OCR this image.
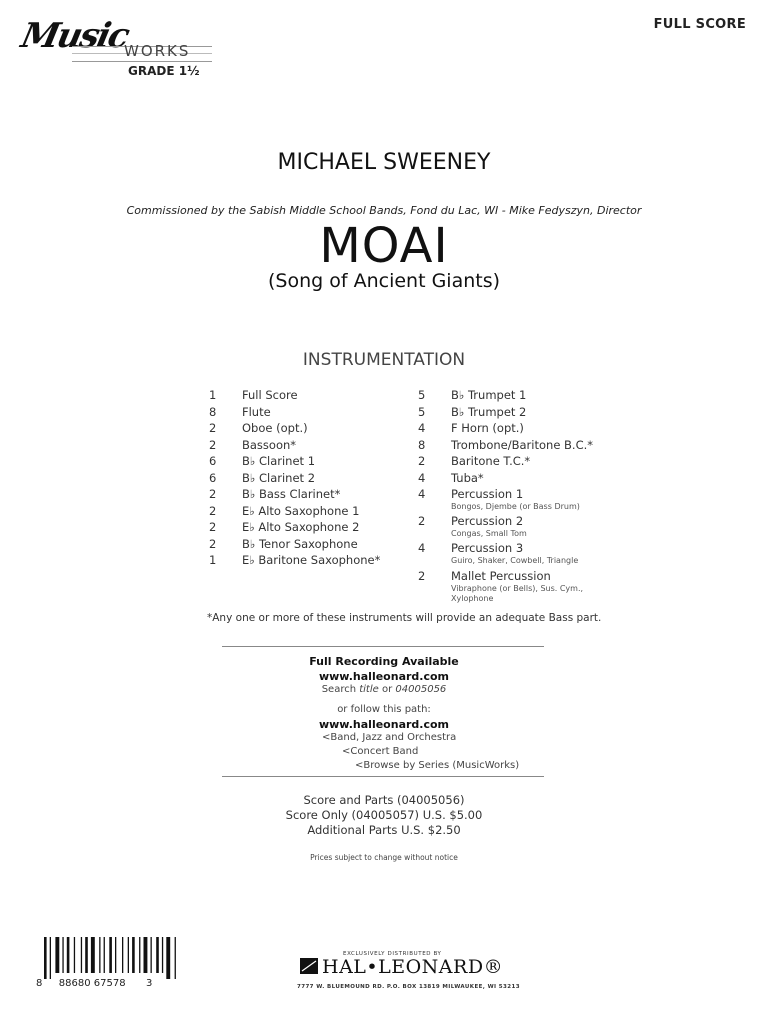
Music
WORKS
GRADE 1½
FULL SCORE
MICHAEL SWEENEY
Commissioned by the Sabish Middle School Bands, Fond du Lac, WI - Mike Fedyszyn, Director
MOAI
(Song of Ancient Giants)
INSTRUMENTATION
1	Full Score
8	Flute
2	Oboe (opt.)
2	Bassoon*
6	B♭ Clarinet 1
6	B♭ Clarinet 2
2	B♭ Bass Clarinet*
2	E♭ Alto Saxophone 1
2	E♭ Alto Saxophone 2
2	B♭ Tenor Saxophone
1	E♭ Baritone Saxophone*
5	B♭ Trumpet 1
5	B♭ Trumpet 2
4	F Horn (opt.)
8	Trombone/Baritone B.C.*
2	Baritone T.C.*
4	Tuba*
4	Percussion 1
Bongos, Djembe (or Bass Drum)
2	Percussion 2
Congas, Small Tom
4	Percussion 3
Guiro, Shaker, Cowbell, Triangle
2	Mallet Percussion
Vibraphone (or Bells), Sus. Cym., Xylophone
*Any one or more of these instruments will provide an adequate Bass part.
Full Recording Available
www.halleonard.com
Search title or 04005056
or follow this path:
www.halleonard.com
<Band, Jazz and Orchestra
<Concert Band
<Browse by Series (MusicWorks)
Score and Parts (04005056)
Score Only (04005057) U.S. $5.00
Additional Parts U.S. $2.50
Prices subject to change without notice
8 88680 67578 3
EXCLUSIVELY DISTRIBUTED BY
HAL•LEONARD®
7777 W. BLUEMOUND RD. P.O. BOX 13819 MILWAUKEE, WI 53213
